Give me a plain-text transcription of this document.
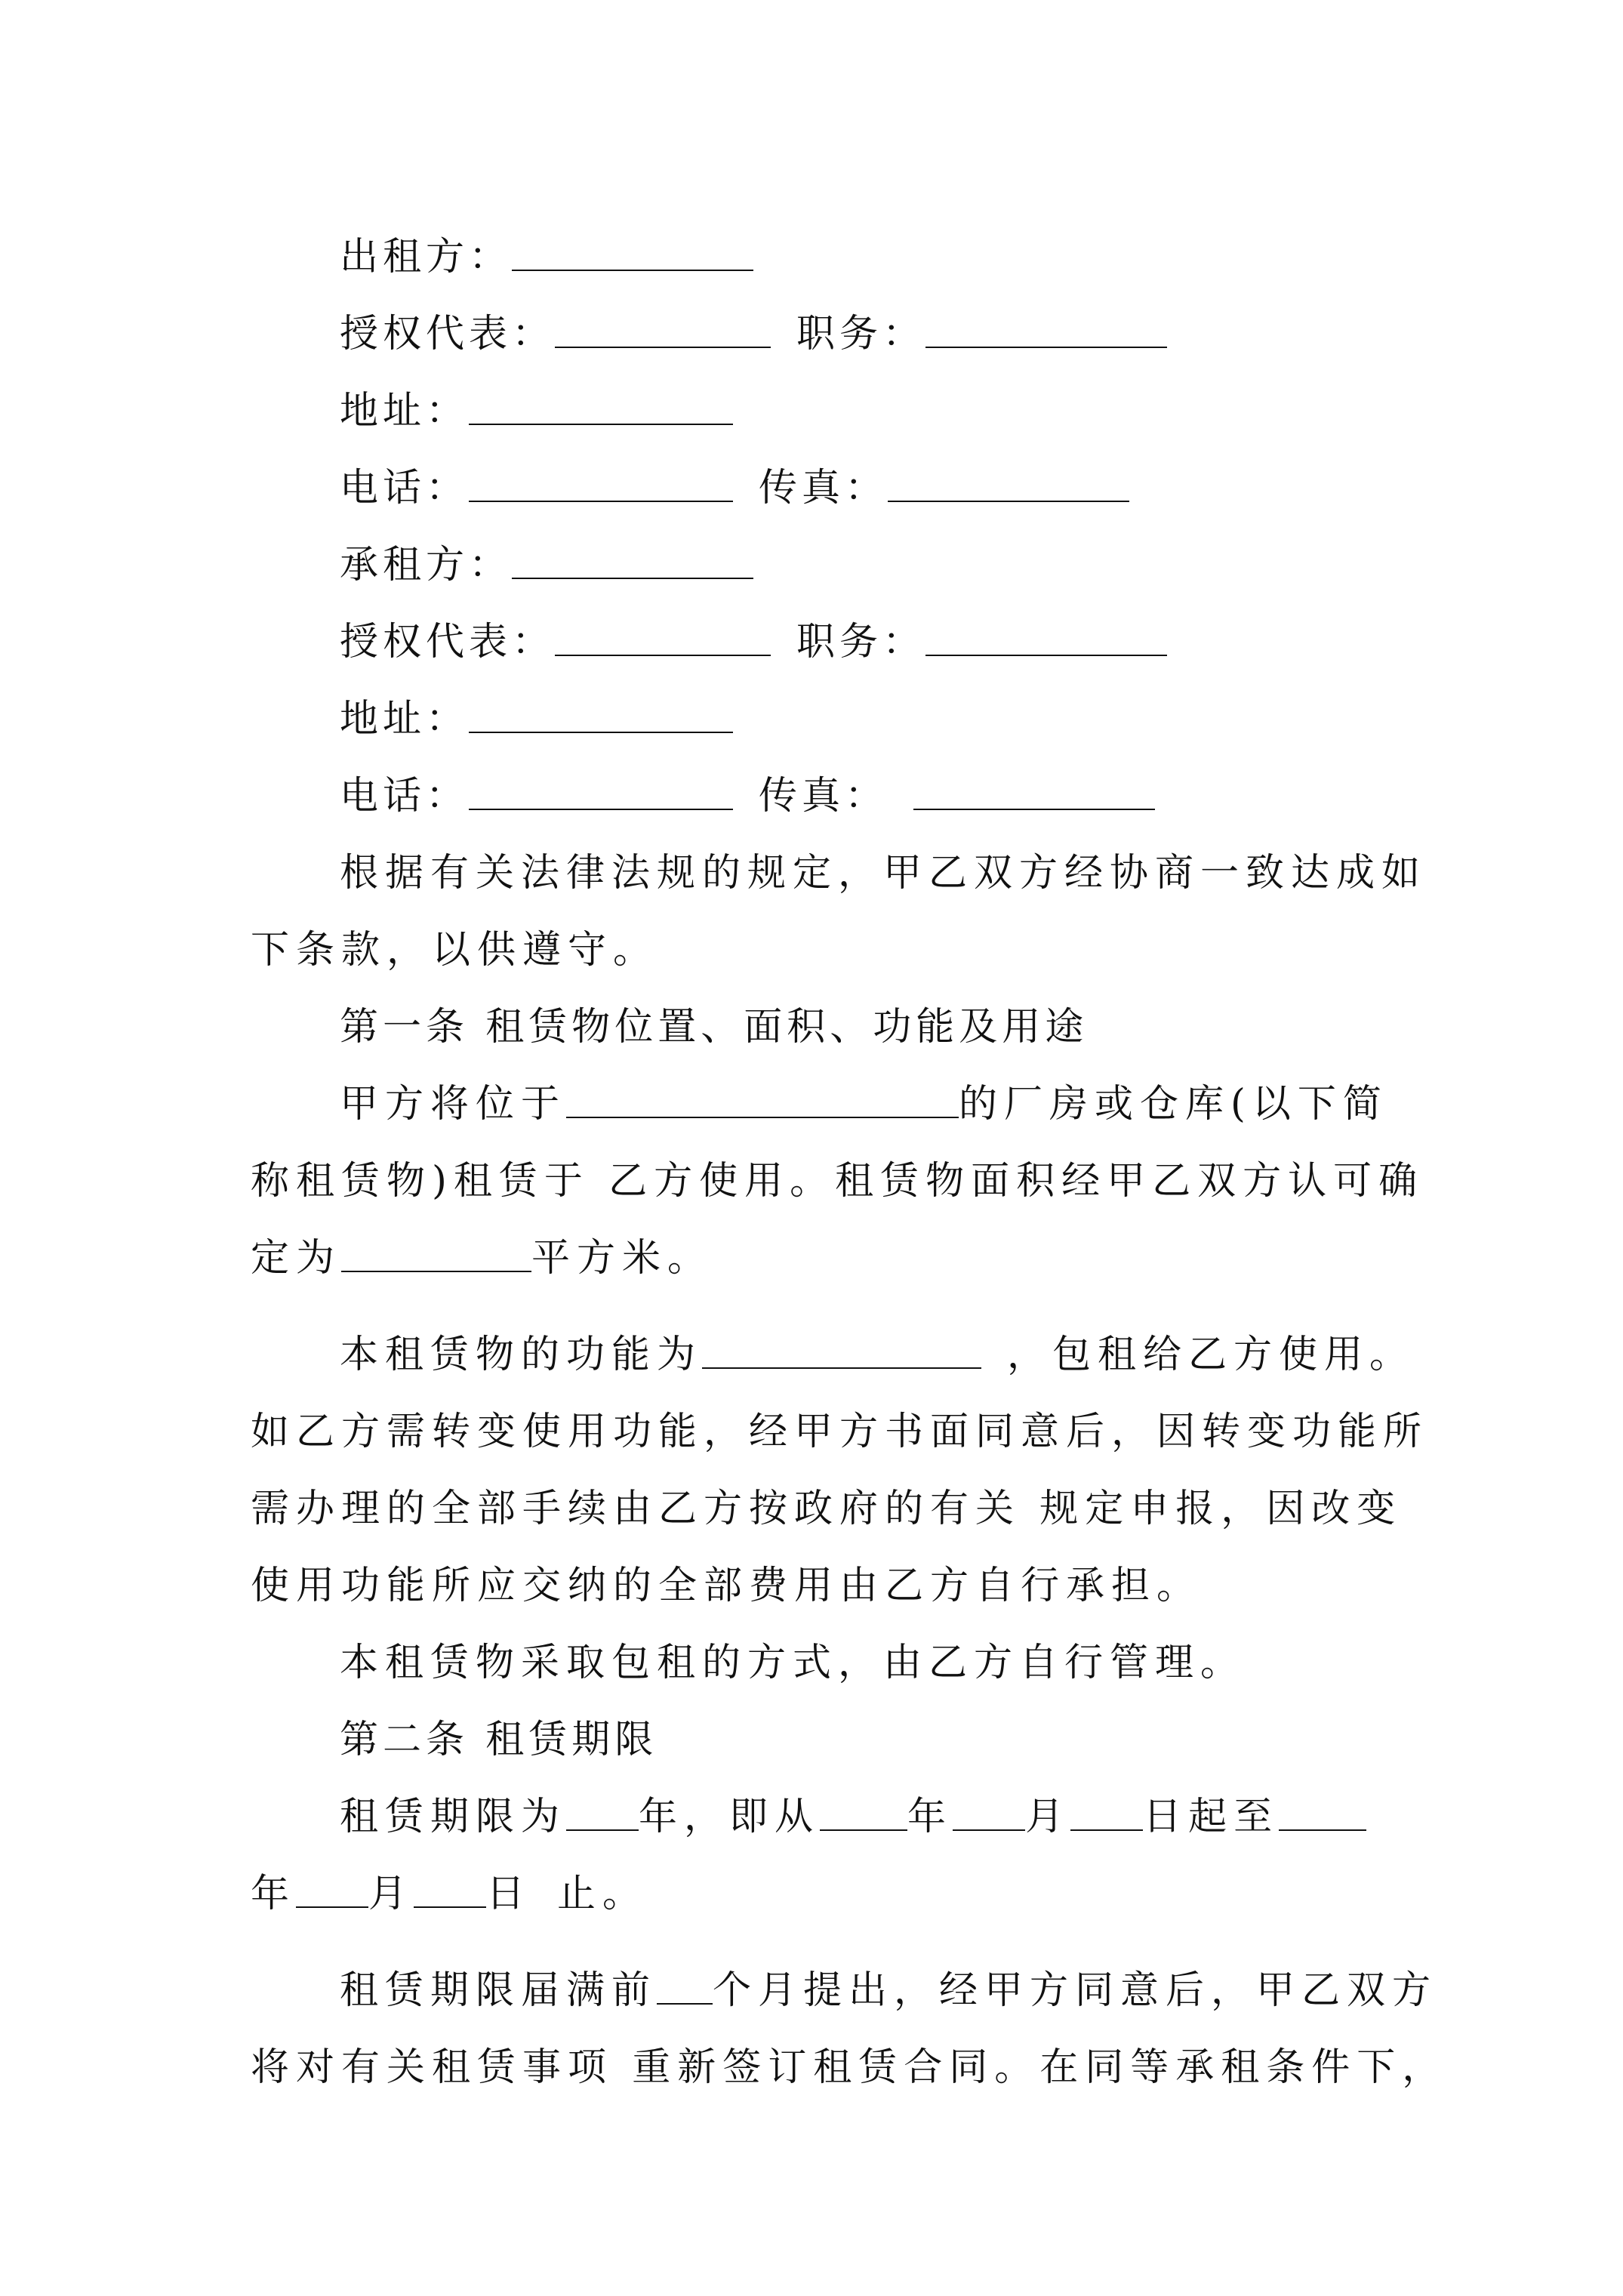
出租方：
授权代表：	职务：
地址：
电话：	传真：
承租方：
授权代表：	职务：
地址：
电话：	传真：
根据有关法律法规的规定，甲乙双方经协商一致达成如
下条款，以供遵守。
第一条 租赁物位置、面积、功能及用途
甲方将位于	的厂房或仓库(以下简
称租赁物)租赁于 乙方使用。租赁物面积经甲乙双方认可确
定为	平方米。
本租赁物的功能为	，包租给乙方使用。
如乙方需转变使用功能，经甲方书面同意后，因转变功能所
需办理的全部手续由乙方按政府的有关 规定申报，因改变
使用功能所应交纳的全部费用由乙方自行承担。
本租赁物采取包租的方式，由乙方自行管理。
第二条 租赁期限
租赁期限为 年，即从 年 月 日起至
年 月 日 止。
租赁期限届满前 个月提出，经甲方同意后，甲乙双方
将对有关租赁事项 重新签订租赁合同。在同等承租条件下，
